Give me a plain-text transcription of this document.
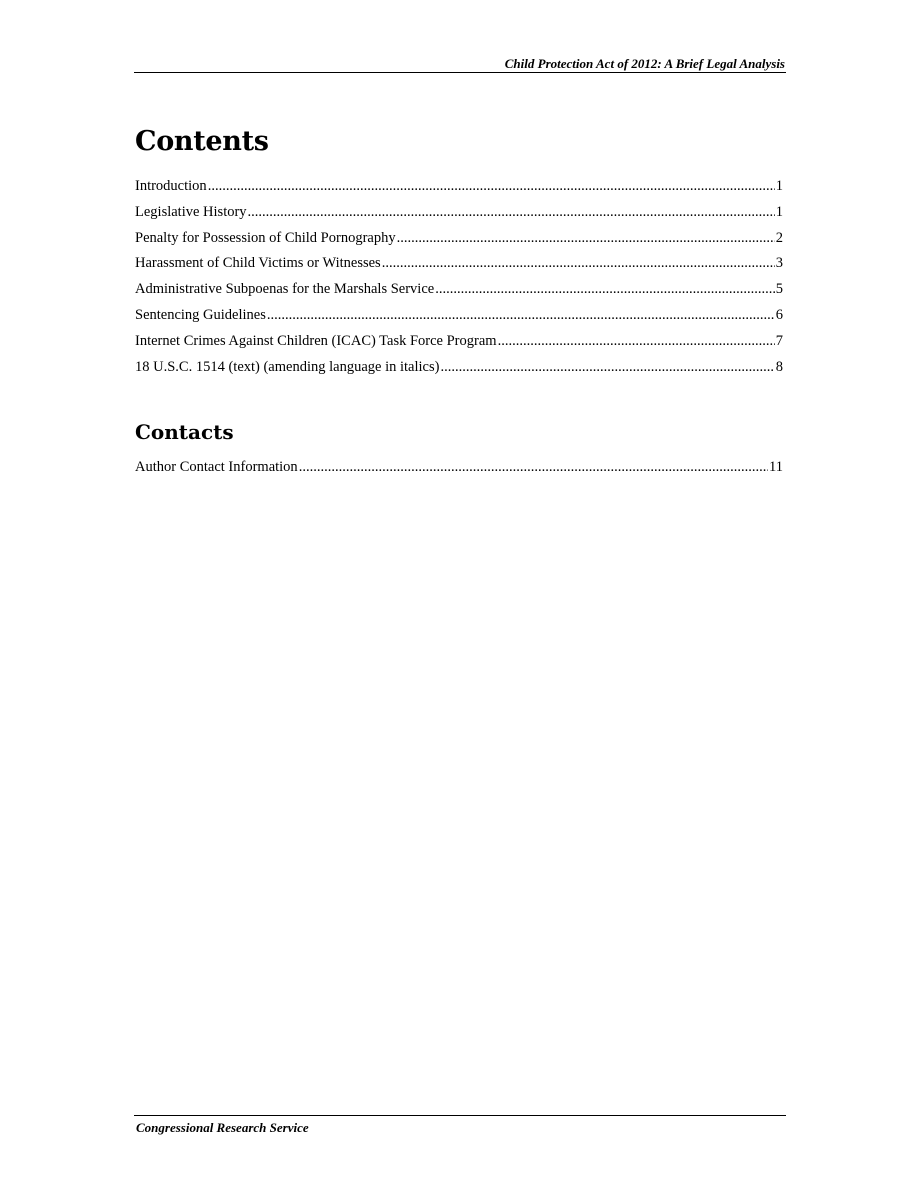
Child Protection Act of 2012: A Brief Legal Analysis
Contents
Introduction .....	1
Legislative History .....	1
Penalty for Possession of Child Pornography .....	2
Harassment of Child Victims or Witnesses .....	3
Administrative Subpoenas for the Marshals Service .....	5
Sentencing Guidelines .....	6
Internet Crimes Against Children (ICAC) Task Force Program .....	7
18 U.S.C. 1514 (text) (amending language in italics) .....	8
Contacts
Author Contact Information .....	11
Congressional Research Service
